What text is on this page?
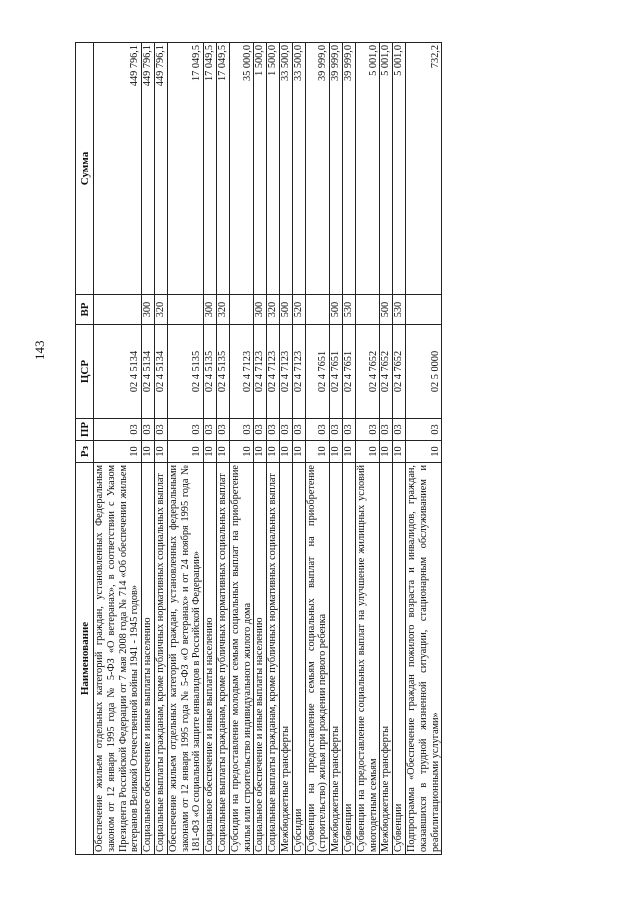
143
Наименование	Рз	ПР	ЦСР	ВР	Сумма
Обеспечение жильем отдельных категорий граждан, установленных Федеральным законом от 12 января 1995 года № 5-ФЗ «О ветеранах», в соответствии с Указом Президента Российской Федерации от 7 мая 2008 года № 714 «Об обеспечении жильем ветеранов Великой Отечественной войны 1941 - 1945 годов»	10	03	02 4 5134		449 796,1
Социальное обеспечение и иные выплаты населению	10	03	02 4 5134	300	449 796,1
Социальные выплаты гражданам, кроме публичных нормативных социальных выплат	10	03	02 4 5134	320	449 796,1
Обеспечение жильем отдельных категорий граждан, установленных федеральными законами от 12 января 1995 года № 5-ФЗ «О ветеранах» и от 24 ноября 1995 года № 181-ФЗ «О социальной защите инвалидов в Российской Федерации»	10	03	02 4 5135		17 049,5
Социальное обеспечение и иные выплаты населению	10	03	02 4 5135	300	17 049,5
Социальные выплаты гражданам, кроме публичных нормативных социальных выплат	10	03	02 4 5135	320	17 049,5
Субсидии на предоставление молодым семьям социальных выплат на приобретение жилья или строительство индивидуального жилого дома	10	03	02 4 7123		35 000,0
Социальное обеспечение и иные выплаты населению	10	03	02 4 7123	300	1 500,0
Социальные выплаты гражданам, кроме публичных нормативных социальных выплат	10	03	02 4 7123	320	1 500,0
Межбюджетные трансферты	10	03	02 4 7123	500	33 500,0
Субсидии	10	03	02 4 7123	520	33 500,0
Субвенции на предоставление семьям социальных выплат на приобретение (строительство) жилья при рождении первого ребенка	10	03	02 4 7651		39 999,0
Межбюджетные трансферты	10	03	02 4 7651	500	39 999,0
Субвенции	10	03	02 4 7651	530	39 999,0
Субвенции на предоставление социальных выплат на улучшение жилищных условий многодетным семьям	10	03	02 4 7652		5 001,0
Межбюджетные трансферты	10	03	02 4 7652	500	5 001,0
Субвенции	10	03	02 4 7652	530	5 001,0
Подпрограмма «Обеспечение граждан пожилого возраста и инвалидов, граждан, оказавшихся в трудной жизненной ситуации, стационарным обслуживанием и реабилитационными услугами»	10	03	02 5 0000		732,2
